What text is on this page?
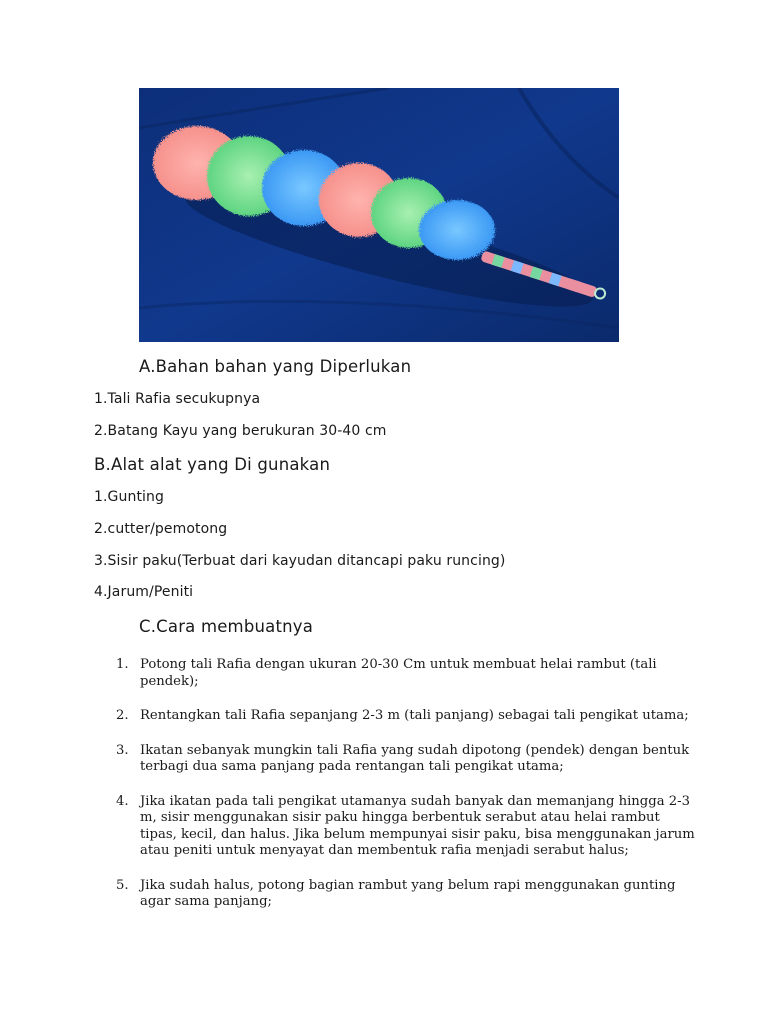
A.Bahan bahan yang Diperlukan
1.Tali Rafia secukupnya
2.Batang Kayu yang berukuran 30-40 cm
B.Alat alat yang Di gunakan
1.Gunting
2.cutter/pemotong
3.Sisir paku(Terbuat dari kayudan ditancapi paku runcing)
4.Jarum/Peniti
C.Cara membuatnya
1. Potong tali Rafia dengan ukuran 20-30 Cm untuk membuat helai rambut (tali pendek);
2. Rentangkan tali Rafia sepanjang 2-3 m (tali panjang) sebagai tali pengikat utama;
3. Ikatan sebanyak mungkin tali Rafia yang sudah dipotong (pendek) dengan bentuk terbagi dua sama panjang pada rentangan tali pengikat utama;
4. Jika ikatan pada tali pengikat utamanya sudah banyak dan memanjang hingga 2-3 m, sisir menggunakan sisir paku hingga berbentuk serabut atau helai rambut tipas, kecil, dan halus. Jika belum mempunyai sisir paku, bisa menggunakan jarum atau peniti untuk menyayat dan membentuk rafia menjadi serabut halus;
5. Jika sudah halus, potong bagian rambut yang belum rapi menggunakan gunting agar sama panjang;
